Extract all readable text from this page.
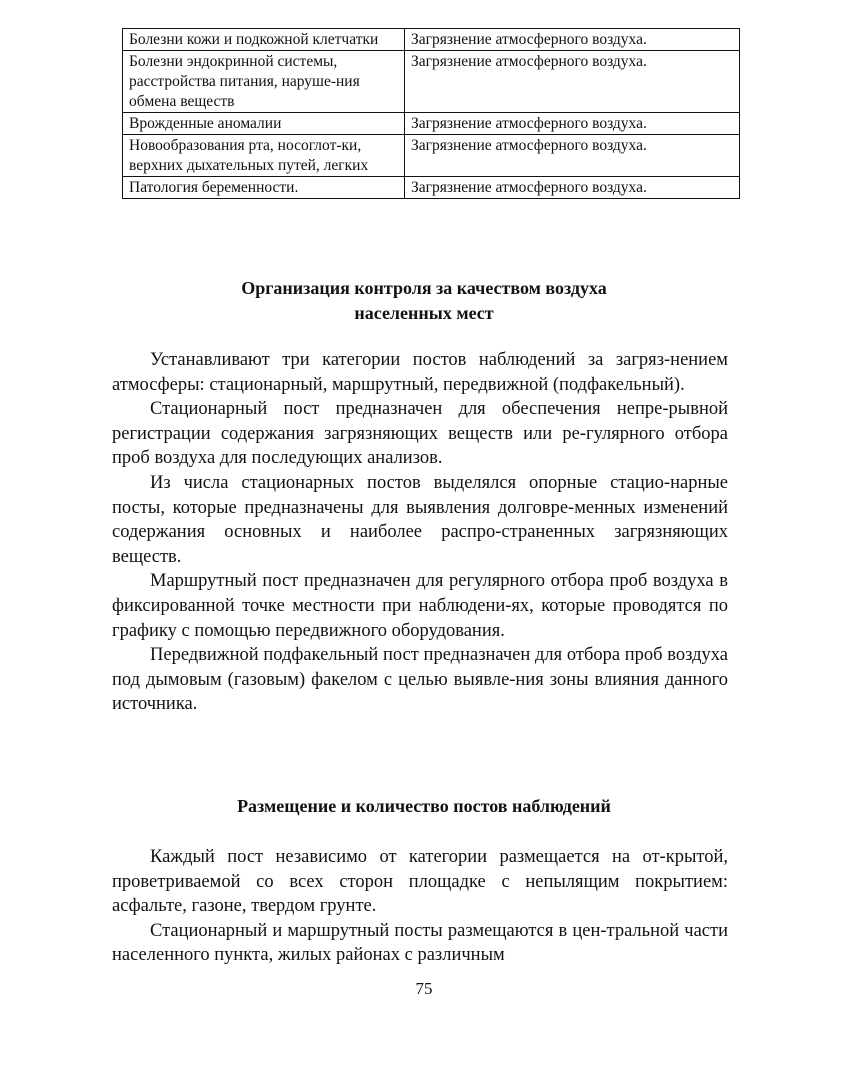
Болезни кожи и подкожной клетчатки	Загрязнение атмосферного воздуха.
Болезни эндокринной системы, расстройства питания, наруше-ния обмена веществ	Загрязнение атмосферного воздуха.
Врожденные аномалии	Загрязнение атмосферного воздуха.
Новообразования рта, носоглот-ки, верхних дыхательных путей, легких	Загрязнение атмосферного воздуха.
Патология беременности.	Загрязнение атмосферного воздуха.
Организация контроля за качеством воздуха
населенных мест

Устанавливают три категории постов наблюдений за загряз-нением атмосферы: стационарный, маршрутный, передвижной (подфакельный).

Стационарный пост предназначен для обеспечения непре-рывной регистрации содержания загрязняющих веществ или ре-гулярного отбора проб воздуха для последующих анализов.

Из числа стационарных постов выделялся опорные стацио-нарные посты, которые предназначены для выявления долговре-менных изменений содержания основных и наиболее распро-страненных загрязняющих веществ.

Маршрутный пост предназначен для регулярного отбора проб воздуха в фиксированной точке местности при наблюдени-ях, которые проводятся по графику с помощью передвижного оборудования.

Передвижной подфакельный пост предназначен для отбора проб воздуха под дымовым (газовым) факелом с целью выявле-ния зоны влияния данного источника.

Размещение и количество постов наблюдений

Каждый пост независимо от категории размещается на от-крытой, проветриваемой со всех сторон площадке с непылящим покрытием: асфальте, газоне, твердом грунте.

Стационарный и маршрутный посты размещаются в цен-тральной части населенного пункта, жилых районах с различным

75
